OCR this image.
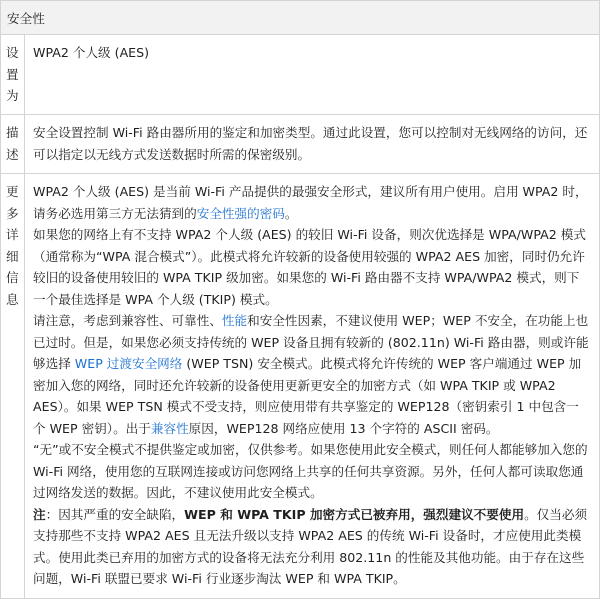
安全性	
设置为	WPA2 个人级 (AES)
描述	安全设置控制 Wi-Fi 路由器所用的鉴定和加密类型。通过此设置，您可以控制对无线网络的访问，还可以指定以无线方式发送数据时所需的保密级别。
更多详细信息	WPA2 个人级 (AES) 是当前 Wi-Fi 产品提供的最强安全形式，建议所有用户使用。启用 WPA2 时，请务必选用第三方无法猜到的安全性强的密码。

如果您的网络上有不支持 WPA2 个人级 (AES) 的较旧 Wi-Fi 设备，则次优选择是 WPA/WPA2 模式（通常称为“WPA 混合模式”）。此模式将允许较新的设备使用较强的 WPA2 AES 加密，同时仍允许较旧的设备使用较旧的 WPA TKIP 级加密。如果您的 Wi-Fi 路由器不支持 WPA/WPA2 模式，则下一个最佳选择是 WPA 个人级 (TKIP) 模式。

请注意，考虑到兼容性、可靠性、性能和安全性因素，不建议使用 WEP；WEP 不安全，在功能上也已过时。但是，如果您必须支持传统的 WEP 设备且拥有较新的 (802.11n) Wi-Fi 路由器，则或许能够选择 WEP 过渡安全网络 (WEP TSN) 安全模式。此模式将允许传统的 WEP 客户端通过 WEP 加密加入您的网络，同时还允许较新的设备使用更新更安全的加密方式（如 WPA TKIP 或 WPA2 AES）。如果 WEP TSN 模式不受支持，则应使用带有共享鉴定的 WEP128（密钥索引 1 中包含一个 WEP 密钥）。出于兼容性原因，WEP128 网络应使用 13 个字符的 ASCII 密码。

“无”或不安全模式不提供鉴定或加密，仅供参考。如果您使用此安全模式，则任何人都能够加入您的 Wi-Fi 网络，使用您的互联网连接或访问您网络上共享的任何共享资源。另外，任何人都可读取您通过网络发送的数据。因此，不建议使用此安全模式。

注：因其严重的安全缺陷，WEP 和 WPA TKIP 加密方式已被弃用，强烈建议不要使用。仅当必须支持那些不支持 WPA2 AES 且无法升级以支持 WPA2 AES 的传统 Wi-Fi 设备时，才应使用此类模式。使用此类已弃用的加密方式的设备将无法充分利用 802.11n 的性能及其他功能。由于存在这些问题，Wi-Fi 联盟已要求 Wi-Fi 行业逐步淘汰 WEP 和 WPA TKIP。
